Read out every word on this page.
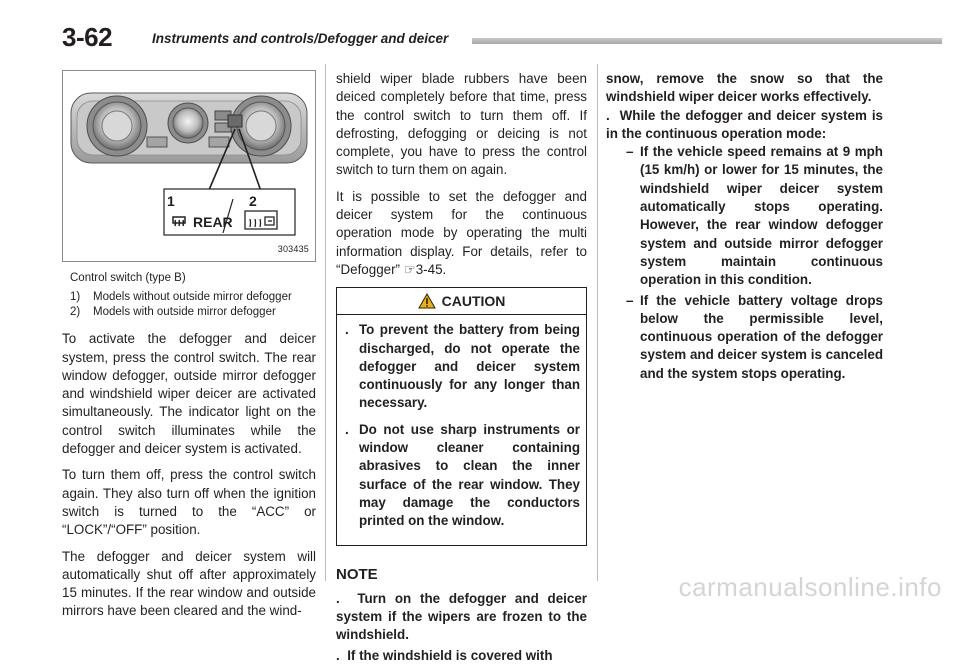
3-62	Instruments and controls/Defogger and deicer
1	2
REAR
303435
Control switch (type B)
1) Models without outside mirror defogger
2) Models with outside mirror defogger

To activate the defogger and deicer system, press the control switch. The rear window defogger, outside mirror defogger and windshield wiper deicer are activated simultaneously. The indicator light on the control switch illuminates while the defogger and deicer system is activated.

To turn them off, press the control switch again. They also turn off when the ignition switch is turned to the “ACC” or “LOCK”/“OFF” position.

The defogger and deicer system will automatically shut off after approximately 15 minutes. If the rear window and outside mirrors have been cleared and the wind-

shield wiper blade rubbers have been deiced completely before that time, press the control switch to turn them off. If defrosting, defogging or deicing is not complete, you have to press the control switch to turn them on again.

It is possible to set the defogger and deicer system for the continuous operation mode by operating the multi information display. For details, refer to “Defogger” ☞3-45.

CAUTION
. To prevent the battery from being discharged, do not operate the defogger and deicer system continuously for any longer than necessary.
. Do not use sharp instruments or window cleaner containing abrasives to clean the inner surface of the rear window. They may damage the conductors printed on the window.
NOTE
. Turn on the defogger and deicer system if the wipers are frozen to the windshield.
. If the windshield is covered with

snow, remove the snow so that the windshield wiper deicer works effectively.

. While the defogger and deicer system is in the continuous operation mode:
– If the vehicle speed remains at 9 mph (15 km/h) or lower for 15 minutes, the windshield wiper deicer system automatically stops operating. However, the rear window defogger system and outside mirror defogger system maintain continuous operation in this condition.
– If the vehicle battery voltage drops below the permissible level, continuous operation of the defogger system and deicer system is canceled and the system stops operating.
carmanualsonline.info
